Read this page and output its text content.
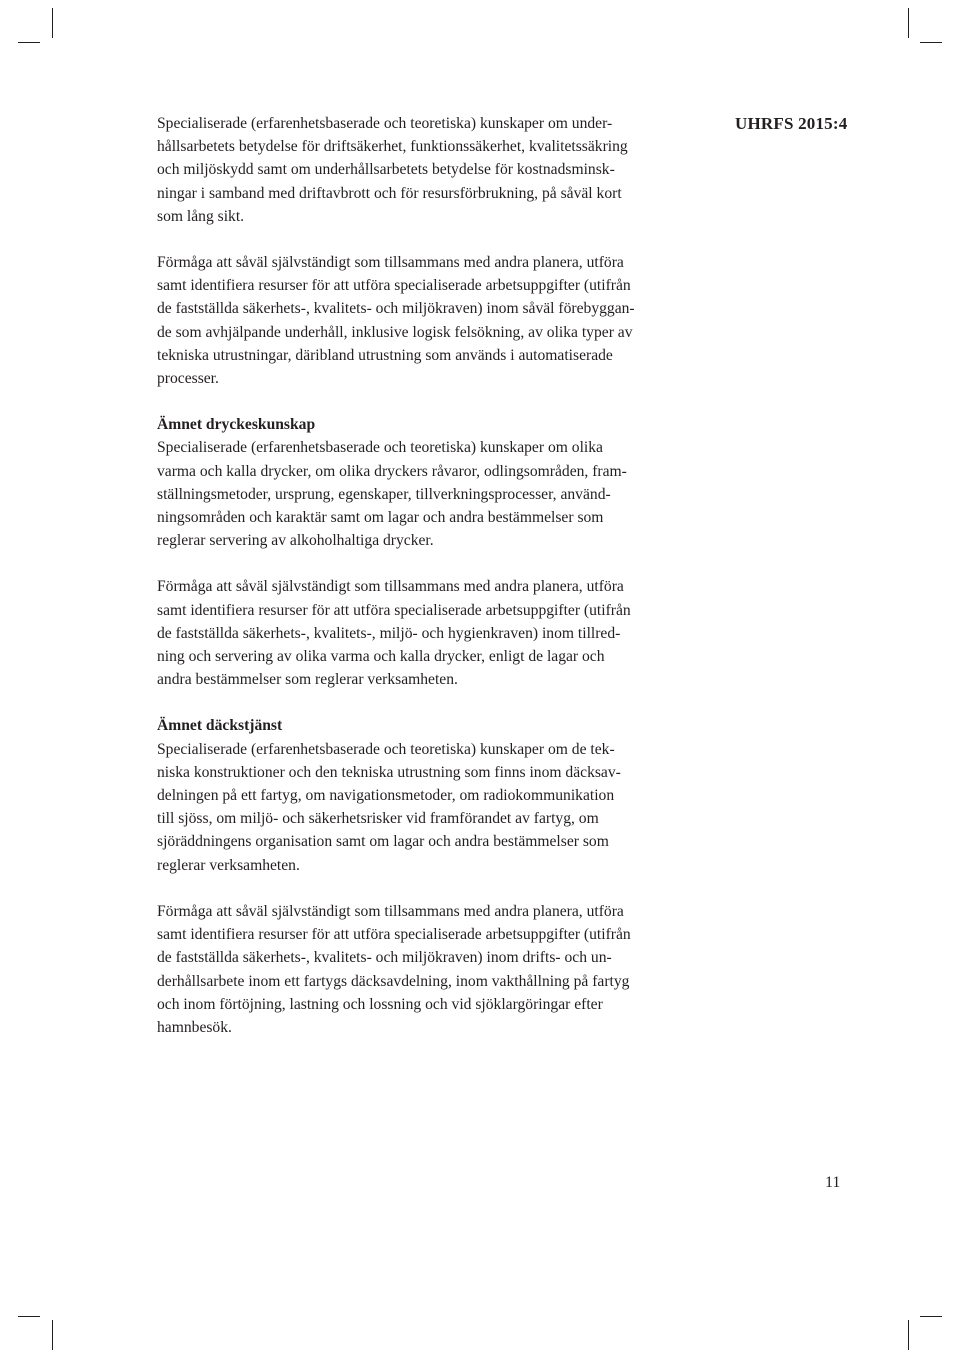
UHRFS 2015:4

Specialiserade (erfarenhetsbaserade och teoretiska) kunskaper om under-
hållsarbetets betydelse för driftsäkerhet, funktionssäkerhet, kvalitetssäkring
och miljöskydd samt om underhållsarbetets betydelse för kostnadsminsk-
ningar i samband med driftavbrott och för resursförbrukning, på såväl kort
som lång sikt.

Förmåga att såväl självständigt som tillsammans med andra planera, utföra
samt identifiera resurser för att utföra specialiserade arbetsuppgifter (utifrån
de fastställda säkerhets-, kvalitets- och miljökraven) inom såväl förebyggan-
de som avhjälpande underhåll, inklusive logisk felsökning, av olika typer av
tekniska utrustningar, däribland utrustning som används i automatiserade
processer.

Ämnet dryckeskunskap

Specialiserade (erfarenhetsbaserade och teoretiska) kunskaper om olika
varma och kalla drycker, om olika dryckers råvaror, odlingsområden, fram-
ställningsmetoder, ursprung, egenskaper, tillverkningsprocesser, använd-
ningsområden och karaktär samt om lagar och andra bestämmelser som
reglerar servering av alkoholhaltiga drycker.

Förmåga att såväl självständigt som tillsammans med andra planera, utföra
samt identifiera resurser för att utföra specialiserade arbetsuppgifter (utifrån
de fastställda säkerhets-, kvalitets-, miljö- och hygienkraven) inom tillred-
ning och servering av olika varma och kalla drycker, enligt de lagar och
andra bestämmelser som reglerar verksamheten.

Ämnet däckstjänst

Specialiserade (erfarenhetsbaserade och teoretiska) kunskaper om de tek-
niska konstruktioner och den tekniska utrustning som finns inom däcksav-
delningen på ett fartyg, om navigationsmetoder, om radiokommunikation
till sjöss, om miljö- och säkerhetsrisker vid framförandet av fartyg, om
sjöräddningens organisation samt om lagar och andra bestämmelser som
reglerar verksamheten.

Förmåga att såväl självständigt som tillsammans med andra planera, utföra
samt identifiera resurser för att utföra specialiserade arbetsuppgifter (utifrån
de fastställda säkerhets-, kvalitets- och miljökraven) inom drifts- och un-
derhållsarbete inom ett fartygs däcksavdelning, inom vakthållning på fartyg
och inom förtöjning, lastning och lossning och vid sjöklargöringar efter
hamnbesök.

11
